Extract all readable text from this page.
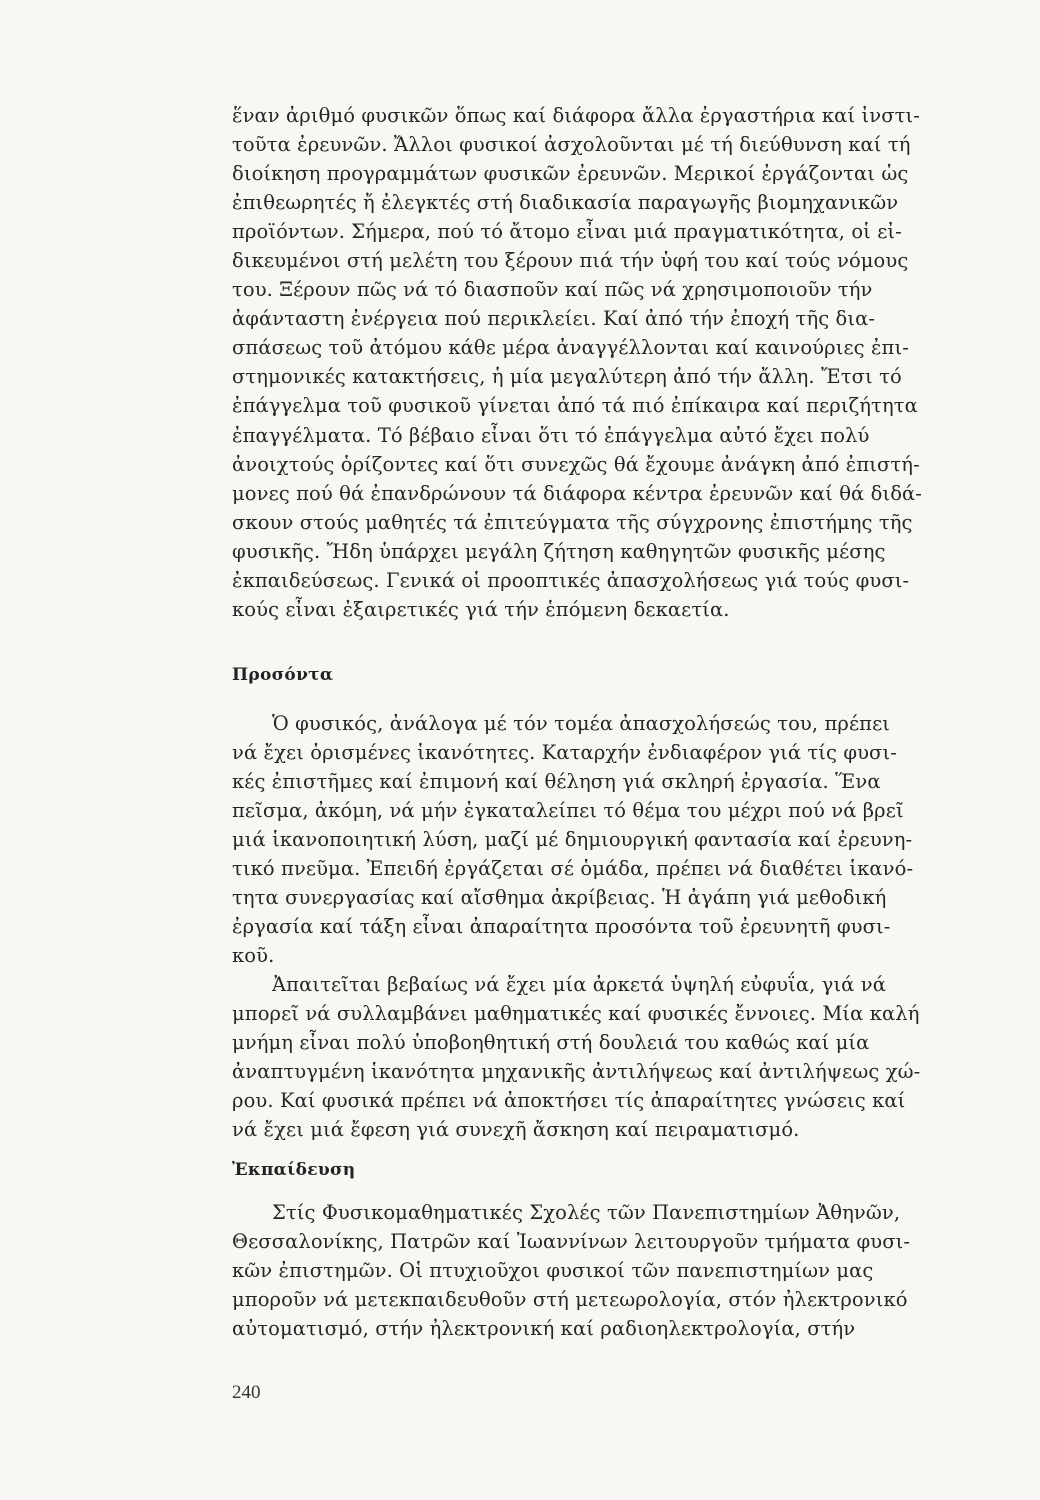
ἕναν ἀριθμό φυσικῶν ὅπως καί διάφορα ἄλλα ἐργαστήρια καί ἰνστι-
τοῦτα ἐρευνῶν. Ἄλλοι φυσικοί ἀσχολοῦνται μέ τή διεύθυνση καί τή
διοίκηση προγραμμάτων φυσικῶν ἐρευνῶν. Μερικοί ἐργάζονται ὡς
ἐπιθεωρητές ἤ ἐλεγκτές στή διαδικασία παραγωγῆς βιομηχανικῶν
προϊόντων. Σήμερα, πού τό ἄτομο εἶναι μιά πραγματικότητα, οἱ εἰ-
δικευμένοι στή μελέτη του ξέρουν πιά τήν ὑφή του καί τούς νόμους
του. Ξέρουν πῶς νά τό διασποῦν καί πῶς νά χρησιμοποιοῦν τήν
ἀφάνταστη ἐνέργεια πού περικλείει. Καί ἀπό τήν ἐποχή τῆς δια-
σπάσεως τοῦ ἀτόμου κάθε μέρα ἀναγγέλλονται καί καινούριες ἐπι-
στημονικές κατακτήσεις, ἡ μία μεγαλύτερη ἀπό τήν ἄλλη. Ἔτσι τό
ἐπάγγελμα τοῦ φυσικοῦ γίνεται ἀπό τά πιό ἐπίκαιρα καί περιζήτητα
ἐπαγγέλματα. Τό βέβαιο εἶναι ὅτι τό ἐπάγγελμα αὐτό ἔχει πολύ
ἀνοιχτούς ὁρίζοντες καί ὅτι συνεχῶς θά ἔχουμε ἀνάγκη ἀπό ἐπιστή-
μονες πού θά ἐπανδρώνουν τά διάφορα κέντρα ἐρευνῶν καί θά διδά-
σκουν στούς μαθητές τά ἐπιτεύγματα τῆς σύγχρονης ἐπιστήμης τῆς
φυσικῆς. Ἤδη ὑπάρχει μεγάλη ζήτηση καθηγητῶν φυσικῆς μέσης
ἐκπαιδεύσεως. Γενικά οἱ προοπτικές ἀπασχολήσεως γιά τούς φυσι-
κούς εἶναι ἐξαιρετικές γιά τήν ἑπόμενη δεκαετία.
Προσόντα
Ὁ φυσικός, ἀνάλογα μέ τόν τομέα ἀπασχολήσεώς του, πρέπει
νά ἔχει ὁρισμένες ἱκανότητες. Καταρχήν ἐνδιαφέρον γιά τίς φυσι-
κές ἐπιστῆμες καί ἐπιμονή καί θέληση γιά σκληρή ἐργασία. Ἕνα
πεῖσμα, ἀκόμη, νά μήν ἐγκαταλείπει τό θέμα του μέχρι πού νά βρεῖ
μιά ἱκανοποιητική λύση, μαζί μέ δημιουργική φαντασία καί ἐρευνη-
τικό πνεῦμα. Ἐπειδή ἐργάζεται σέ ὁμάδα, πρέπει νά διαθέτει ἱκανό-
τητα συνεργασίας καί αἴσθημα ἀκρίβειας. Ἡ ἀγάπη γιά μεθοδική
ἐργασία καί τάξη εἶναι ἀπαραίτητα προσόντα τοῦ ἐρευνητῆ φυσι-
κοῦ.
Ἀπαιτεῖται βεβαίως νά ἔχει μία ἀρκετά ὑψηλή εὐφυΐα, γιά νά
μπορεῖ νά συλλαμβάνει μαθηματικές καί φυσικές ἔννοιες. Μία καλή
μνήμη εἶναι πολύ ὑποβοηθητική στή δουλειά του καθώς καί μία
ἀναπτυγμένη ἱκανότητα μηχανικῆς ἀντιλήψεως καί ἀντιλήψεως χώ-
ρου. Καί φυσικά πρέπει νά ἀποκτήσει τίς ἀπαραίτητες γνώσεις καί
νά ἔχει μιά ἔφεση γιά συνεχῆ ἄσκηση καί πειραματισμό.
Ἐκπαίδευση
Στίς Φυσικομαθηματικές Σχολές τῶν Πανεπιστημίων Ἀθηνῶν,
Θεσσαλονίκης, Πατρῶν καί Ἰωαννίνων λειτουργοῦν τμήματα φυσι-
κῶν ἐπιστημῶν. Οἱ πτυχιοῦχοι φυσικοί τῶν πανεπιστημίων μας
μποροῦν νά μετεκπαιδευθοῦν στή μετεωρολογία, στόν ἠλεκτρονικό
αὐτοματισμό, στήν ἠλεκτρονική καί ραδιοηλεκτρολογία, στήν
240
